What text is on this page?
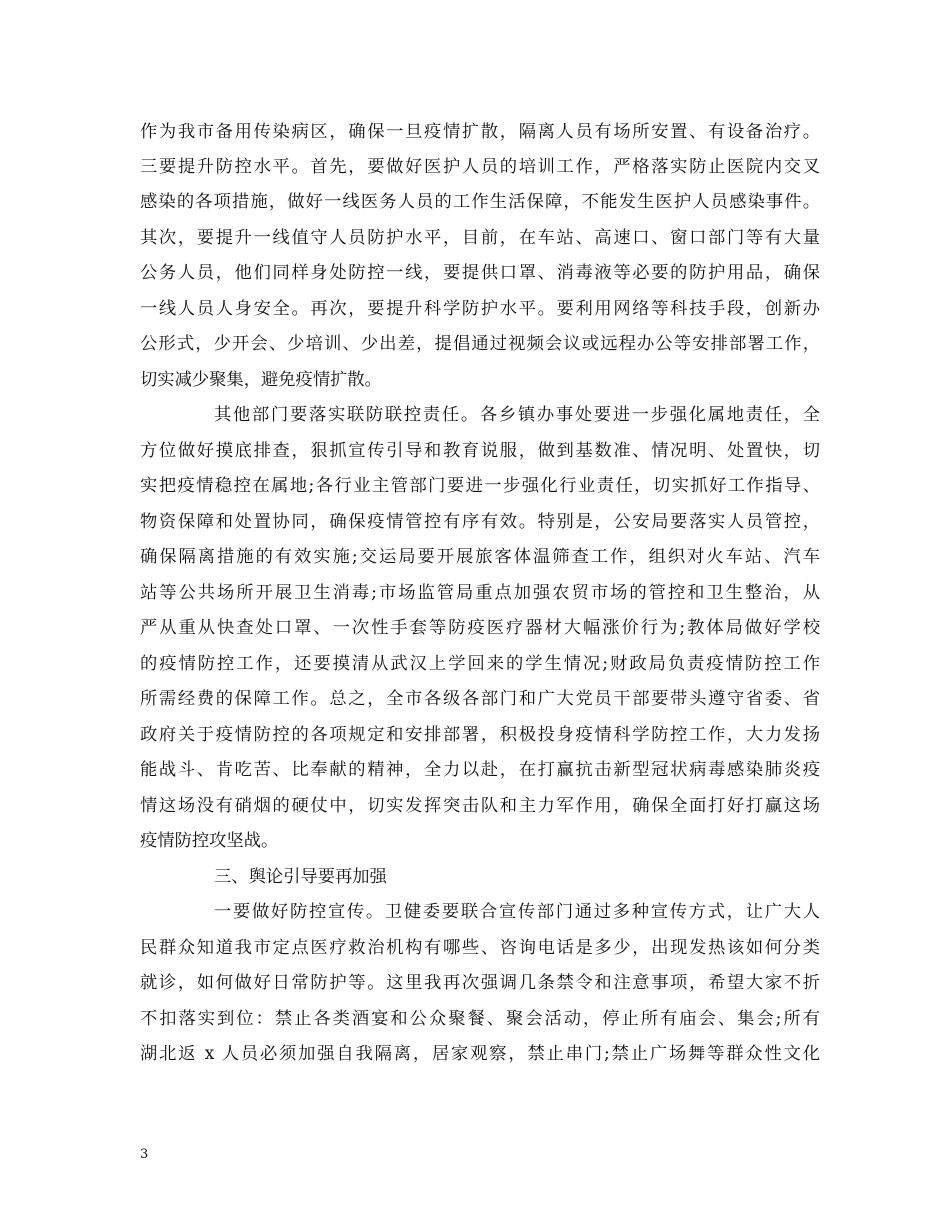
作为我市备用传染病区，确保一旦疫情扩散，隔离人员有场所安置、有设备治疗。
三要提升防控水平。首先，要做好医护人员的培训工作，严格落实防止医院内交叉
感染的各项措施，做好一线医务人员的工作生活保障，不能发生医护人员感染事件。
其次，要提升一线值守人员防护水平，目前，在车站、高速口、窗口部门等有大量
公务人员，他们同样身处防控一线，要提供口罩、消毒液等必要的防护用品，确保
一线人员人身安全。再次，要提升科学防护水平。要利用网络等科技手段，创新办
公形式，少开会、少培训、少出差，提倡通过视频会议或远程办公等安排部署工作，
切实减少聚集，避免疫情扩散。
其他部门要落实联防联控责任。各乡镇办事处要进一步强化属地责任，全
方位做好摸底排查，狠抓宣传引导和教育说服，做到基数准、情况明、处置快，切
实把疫情稳控在属地;各行业主管部门要进一步强化行业责任，切实抓好工作指导、
物资保障和处置协同，确保疫情管控有序有效。特别是，公安局要落实人员管控，
确保隔离措施的有效实施;交运局要开展旅客体温筛查工作，组织对火车站、汽车
站等公共场所开展卫生消毒;市场监管局重点加强农贸市场的管控和卫生整治，从
严从重从快查处口罩、一次性手套等防疫医疗器材大幅涨价行为;教体局做好学校
的疫情防控工作，还要摸清从武汉上学回来的学生情况;财政局负责疫情防控工作
所需经费的保障工作。总之，全市各级各部门和广大党员干部要带头遵守省委、省
政府关于疫情防控的各项规定和安排部署，积极投身疫情科学防控工作，大力发扬
能战斗、肯吃苦、比奉献的精神，全力以赴，在打赢抗击新型冠状病毒感染肺炎疫
情这场没有硝烟的硬仗中，切实发挥突击队和主力军作用，确保全面打好打赢这场
疫情防控攻坚战。
三、舆论引导要再加强
一要做好防控宣传。卫健委要联合宣传部门通过多种宣传方式，让广大人
民群众知道我市定点医疗救治机构有哪些、咨询电话是多少，出现发热该如何分类
就诊，如何做好日常防护等。这里我再次强调几条禁令和注意事项，希望大家不折
不扣落实到位：禁止各类酒宴和公众聚餐、聚会活动，停止所有庙会、集会;所有
湖北返 x 人员必须加强自我隔离，居家观察，禁止串门;禁止广场舞等群众性文化
3
